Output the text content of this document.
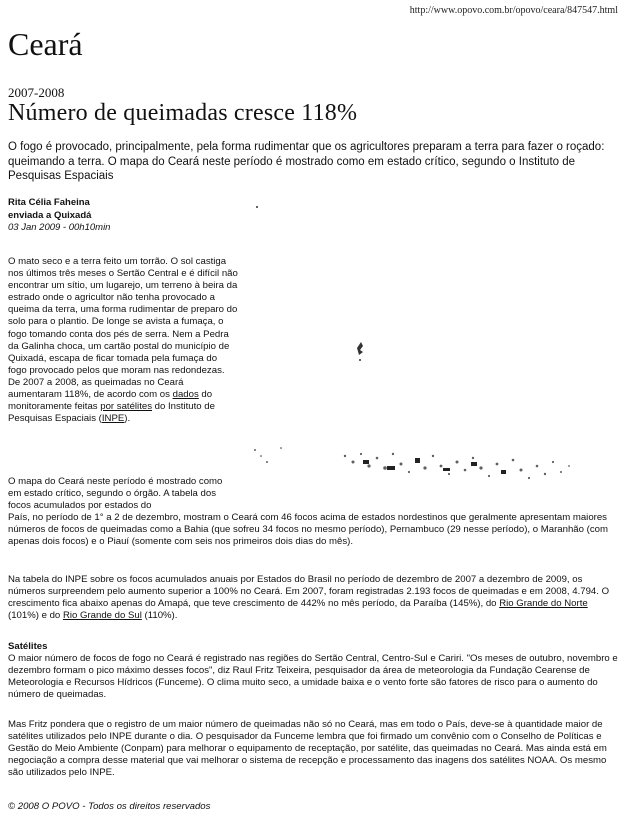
http://www.opovo.com.br/opovo/ceara/847547.html
Ceará
2007-2008
Número de queimadas cresce 118%

O fogo é provocado, principalmente, pela forma rudimentar que os agricultores preparam a terra para fazer o roçado: queimando a terra. O mapa do Ceará neste período é mostrado como em estado crítico, segundo o Instituto de Pesquisas Espaciais

Rita Célia Faheina
enviada a Quixadá
03 Jan 2009 - 00h10min

O mato seco e a terra feito um torrão. O sol castiga nos últimos três meses o Sertão Central e é difícil não encontrar um sítio, um lugarejo, um terreno à beira da estrado onde o agricultor não tenha provocado a queima da terra, uma forma rudimentar de preparo do solo para o plantio. De longe se avista a fumaça, o fogo tomando conta dos pés de serra. Nem a Pedra da Galinha choca, um cartão postal do município de Quixadá, escapa de ficar tomada pela fumaça do fogo provocado pelos que moram nas redondezas. De 2007 a 2008, as queimadas no Ceará aumentaram 118%, de acordo com os dados do monitoramente feitas por satélites do Instituto de Pesquisas Espaciais (INPE).

O mapa do Ceará neste período é mostrado como em estado crítico, segundo o órgão. A tabela dos focos acumulados por estados do

País, no período de 1° a 2 de dezembro, mostram o Ceará com 46 focos acima de estados nordestinos que geralmente apresentam maiores números de focos de queimadas como a Bahia (que sofreu 34 focos no mesmo período), Pernambuco (29 nesse período), o Maranhão (com apenas dois focos) e o Piauí (somente com seis nos primeiros dois dias do mês).

Na tabela do INPE sobre os focos acumulados anuais por Estados do Brasil no período de dezembro de 2007 a dezembro de 2009, os números surpreendem pelo aumento superior a 100% no Ceará. Em 2007, foram registradas 2.193 focos de queimadas e em 2008, 4.794. O crescimento fica abaixo apenas do Amapá, que teve crescimento de 442% no mês período, da Paraíba (145%), do Rio Grande do Norte (101%) e do Rio Grande do Sul (110%).

Satélites

O maior número de focos de fogo no Ceará é registrado nas regiões do Sertão Central, Centro-Sul e Cariri. "Os meses de outubro, novembro e dezembro formam o pico máximo desses focos", diz Raul Fritz Teixeira, pesquisador da área de meteorologia da Fundação Cearense de Meteorologia e Recursos Hídricos (Funceme). O clima muito seco, a umidade baixa e o vento forte são fatores de risco para o aumento do número de queimadas.

Mas Fritz pondera que o registro de um maior número de queimadas não só no Ceará, mas em todo o País, deve-se à quantidade maior de satélites utilizados pelo INPE durante o dia. O pesquisador da Funceme lembra que foi firmado um convênio com o Conselho de Políticas e Gestão do Meio Ambiente (Conpam) para melhorar o equipamento de receptação, por satélite, das queimadas no Ceará. Mas ainda está em negociação a compra desse material que vai melhorar o sistema de recepção e processamento das inagens dos satélites NOAA. Os mesmo são utilizados pelo INPE.

© 2008 O POVO - Todos os direitos reservados
